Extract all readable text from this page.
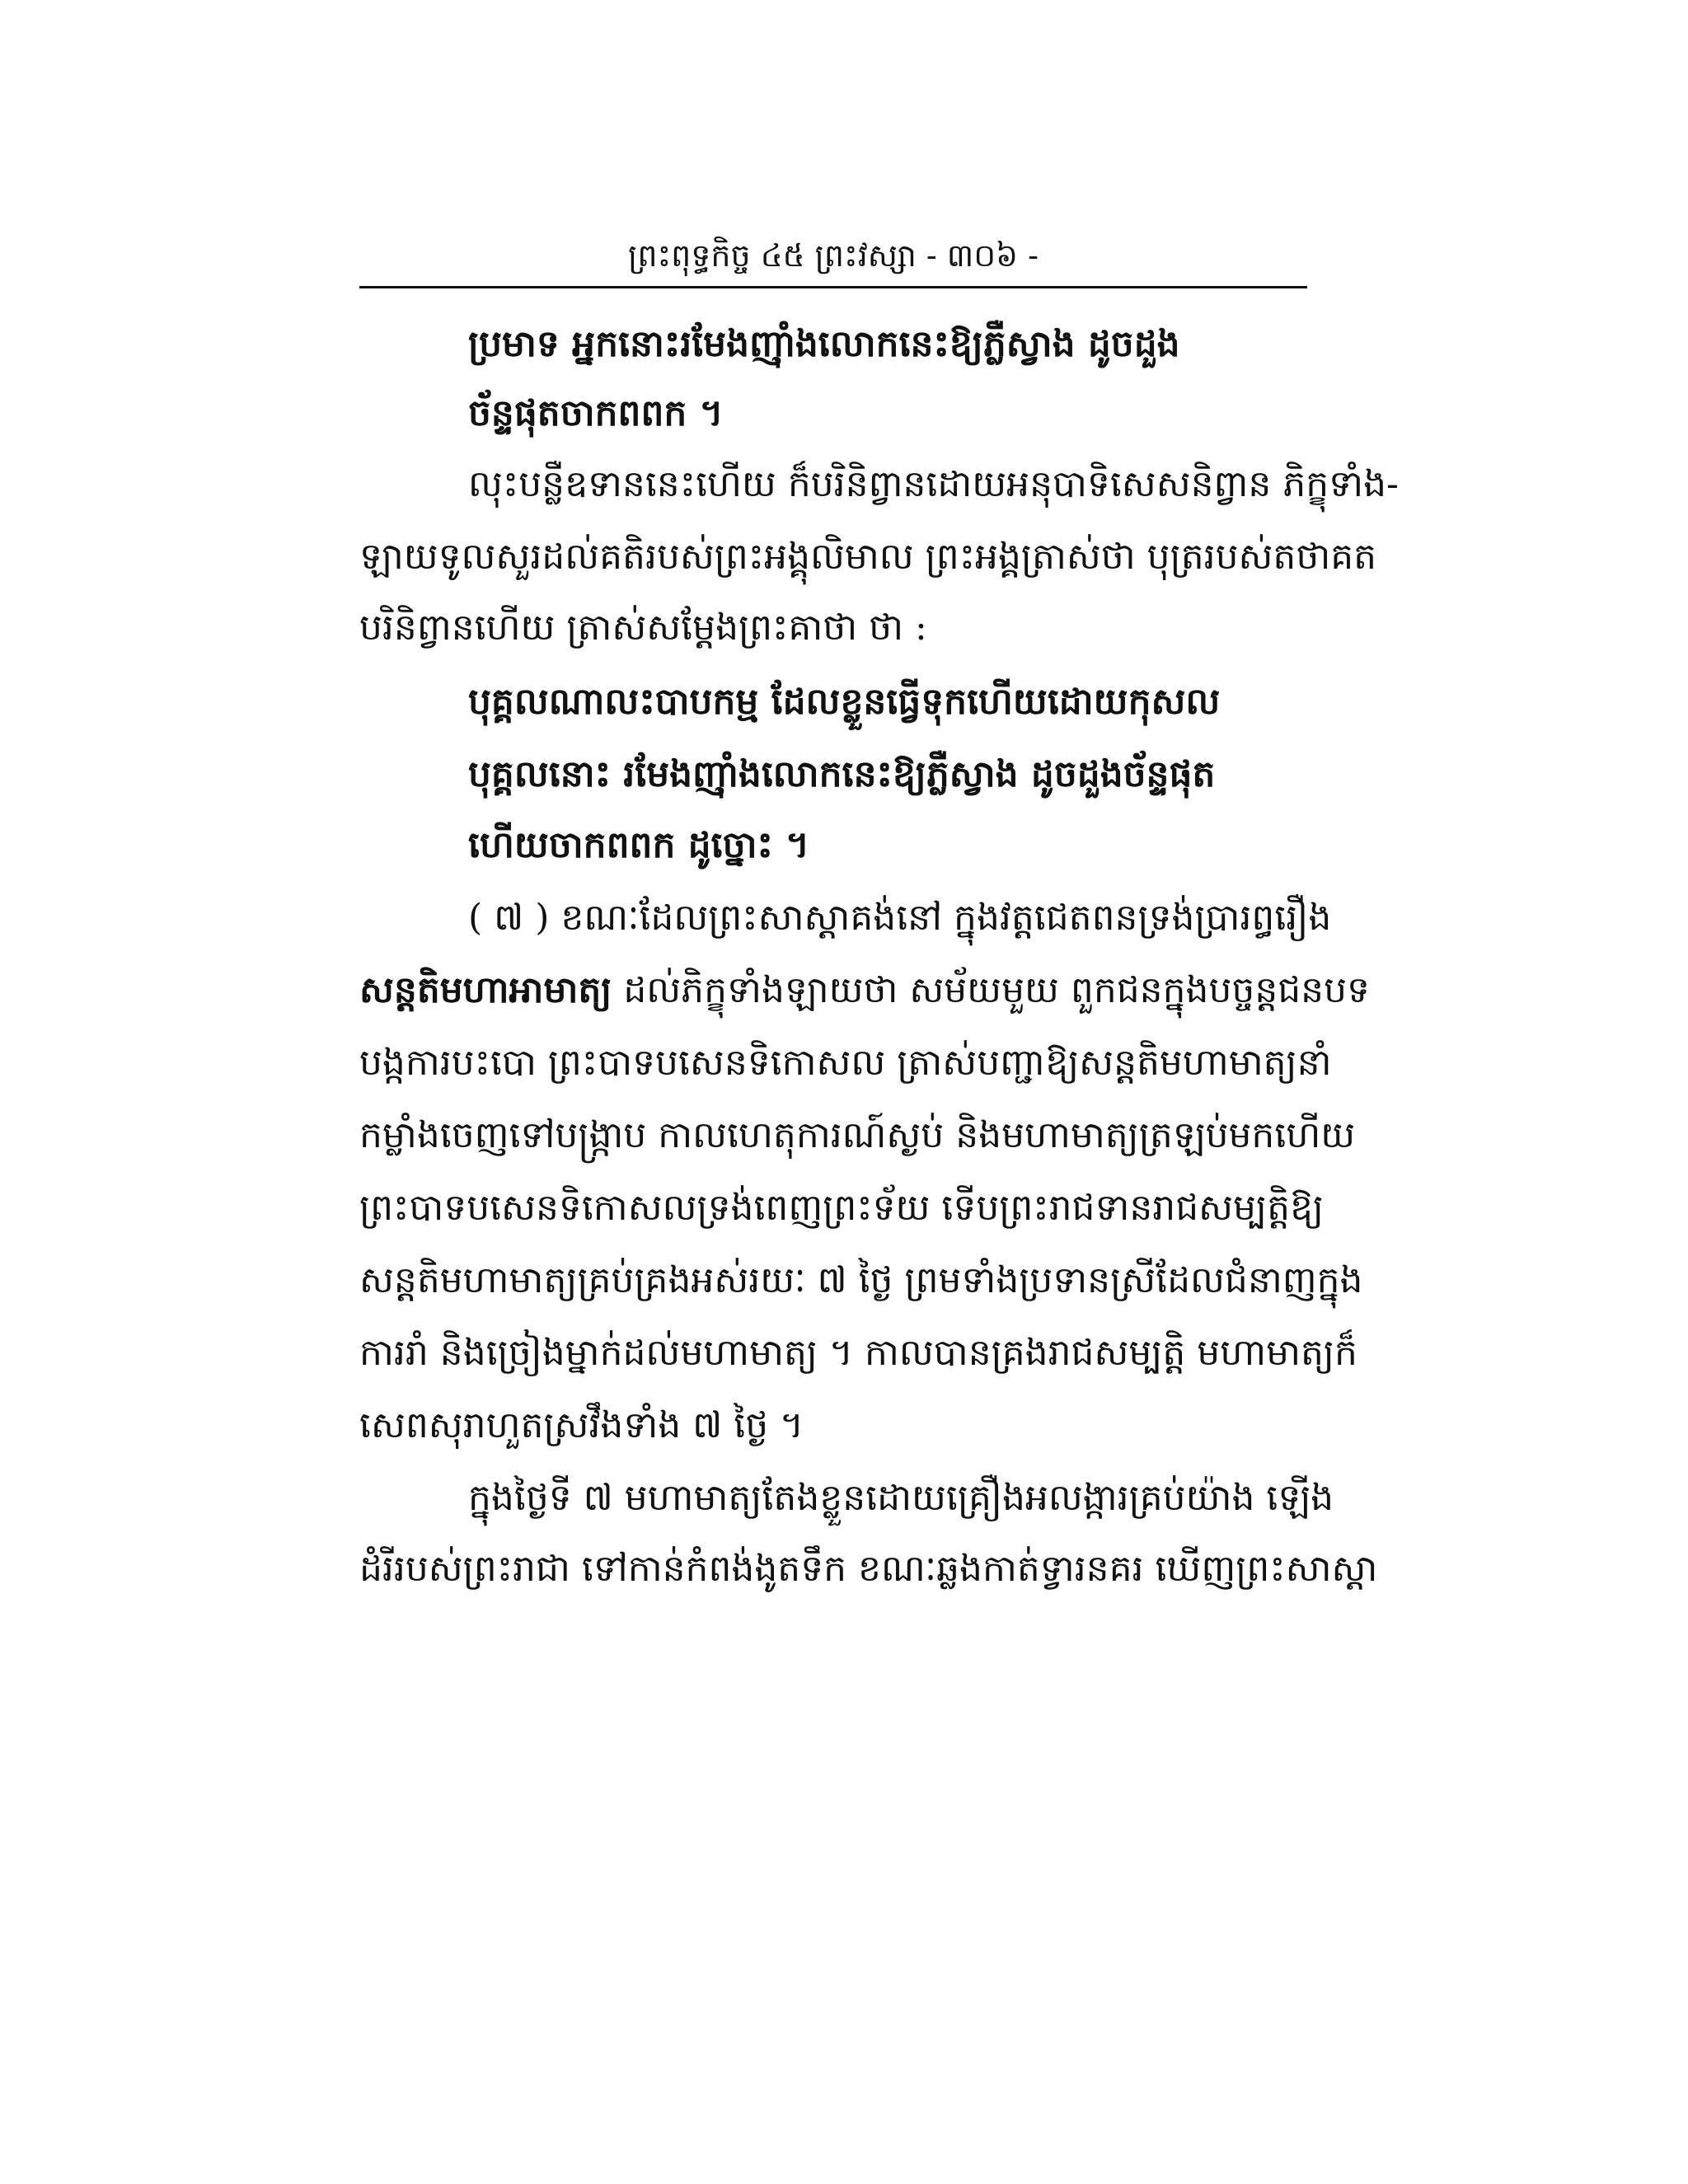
ព្រះពុទ្ធកិច្ច ៤៥ ព្រះវស្សា - ៣០៦ -
ប្រមាទ អ្នកនោះរមែងញ៉ាំងលោកនេះឱ្យភ្លឺស្វាង ដូចដួង
ច័ន្ទផុតចាកពពក ។
លុះបន្លឺឧទាននេះហើយ ក៏បរិនិព្វានដោយអនុបាទិសេសនិព្វាន ភិក្ខុទាំង-
ឡាយទូលសួរដល់គតិរបស់ព្រះអង្គុលិមាល ព្រះអង្គត្រាស់ថា បុត្ររបស់តថាគត
បរិនិព្វានហើយ ត្រាស់សម្ដែងព្រះគាថា ថា :
បុគ្គលណាលះបាបកម្ម ដែលខ្លួនធ្វើទុកហើយដោយកុសល
បុគ្គលនោះ រមែងញ៉ាំងលោកនេះឱ្យភ្លឺស្វាង ដូចដួងច័ន្ទផុត
ហើយចាកពពក ដូច្នោះ ។
( ៧ ) ខណៈដែលព្រះសាស្ដាគង់នៅ ក្នុងវត្តជេតពនទ្រង់ប្រារព្ធរឿង
សន្តតិមហាអាមាត្យ ដល់ភិក្ខុទាំងឡាយថា សម័យមួយ ពួកជនក្នុងបច្ចន្តជនបទ
បង្កការបះបោ ព្រះបាទបសេនទិកោសល ត្រាស់បញ្ជាឱ្យសន្តតិមហាមាត្យនាំ
កម្លាំងចេញទៅបង្ក្រាប កាលហេតុការណ៍ស្ងប់ និងមហាមាត្យត្រឡប់មកហើយ
ព្រះបាទបសេនទិកោសលទ្រង់ពេញព្រះទ័យ ទើបព្រះរាជទានរាជសម្បត្តិឱ្យ
សន្តតិមហាមាត្យគ្រប់គ្រងអស់រយៈ ៧ ថ្ងៃ ព្រមទាំងប្រទានស្រីដែលជំនាញក្នុង
ការរាំ និងច្រៀងម្នាក់ដល់មហាមាត្យ ។ កាលបានគ្រងរាជសម្បត្តិ មហាមាត្យក៏
សេពសុរាហួតស្រវឹងទាំង ៧ ថ្ងៃ ។
ក្នុងថ្ងៃទី ៧ មហាមាត្យតែងខ្លួនដោយគ្រឿងអលង្ការគ្រប់យ៉ាង ឡើង
ដំរីរបស់ព្រះរាជា ទៅកាន់កំពង់ងូតទឹក ខណៈឆ្លងកាត់ទ្វារនគរ ឃើញព្រះសាស្ដា
